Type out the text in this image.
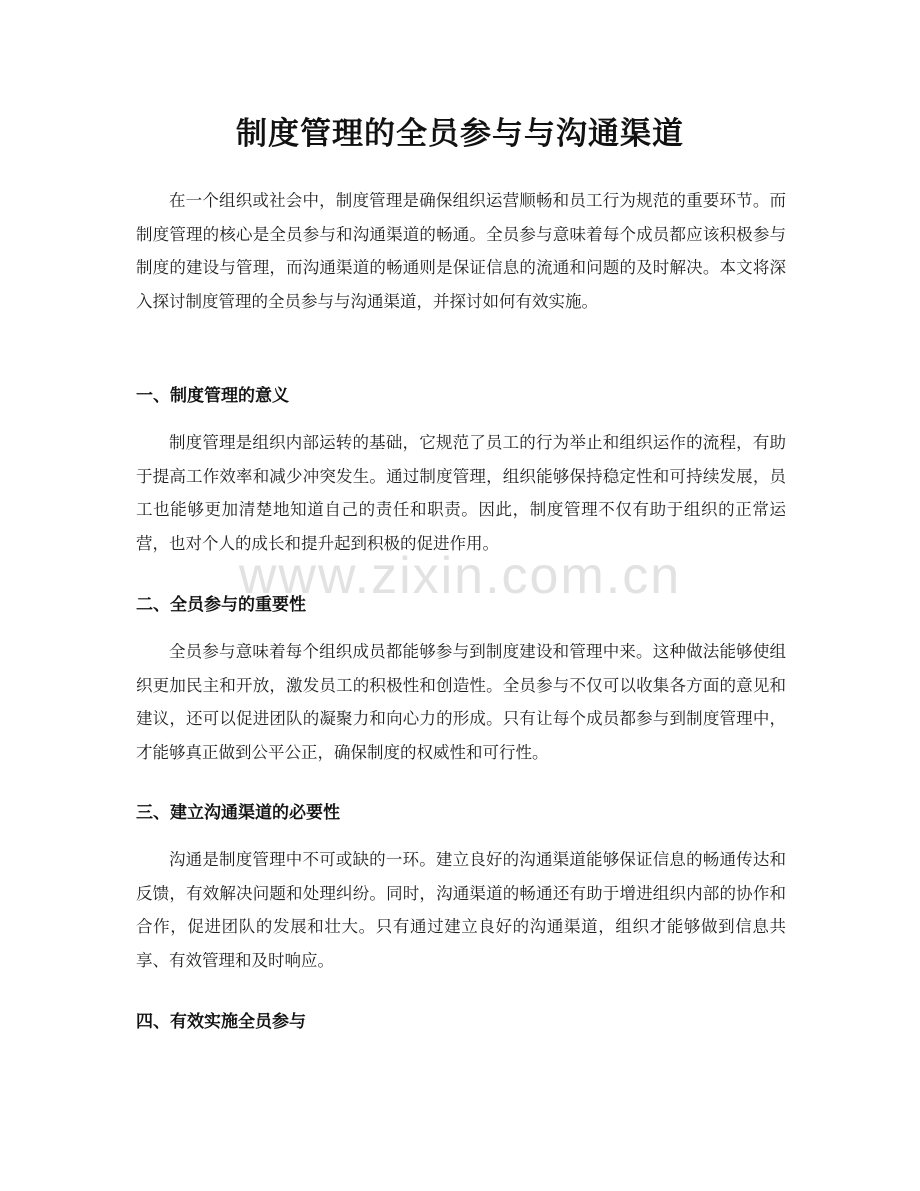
制度管理的全员参与与沟通渠道

在一个组织或社会中，制度管理是确保组织运营顺畅和员工行为规范的重要环节。而制度管理的核心是全员参与和沟通渠道的畅通。全员参与意味着每个成员都应该积极参与制度的建设与管理，而沟通渠道的畅通则是保证信息的流通和问题的及时解决。本文将深入探讨制度管理的全员参与与沟通渠道，并探讨如何有效实施。

一、制度管理的意义

制度管理是组织内部运转的基础，它规范了员工的行为举止和组织运作的流程，有助于提高工作效率和减少冲突发生。通过制度管理，组织能够保持稳定性和可持续发展，员工也能够更加清楚地知道自己的责任和职责。因此，制度管理不仅有助于组织的正常运营，也对个人的成长和提升起到积极的促进作用。

二、全员参与的重要性

全员参与意味着每个组织成员都能够参与到制度建设和管理中来。这种做法能够使组织更加民主和开放，激发员工的积极性和创造性。全员参与不仅可以收集各方面的意见和建议，还可以促进团队的凝聚力和向心力的形成。只有让每个成员都参与到制度管理中，才能够真正做到公平公正，确保制度的权威性和可行性。

三、建立沟通渠道的必要性

沟通是制度管理中不可或缺的一环。建立良好的沟通渠道能够保证信息的畅通传达和反馈，有效解决问题和处理纠纷。同时，沟通渠道的畅通还有助于增进组织内部的协作和合作，促进团队的发展和壮大。只有通过建立良好的沟通渠道，组织才能够做到信息共享、有效管理和及时响应。

四、有效实施全员参与
www.zixin.com.cn
